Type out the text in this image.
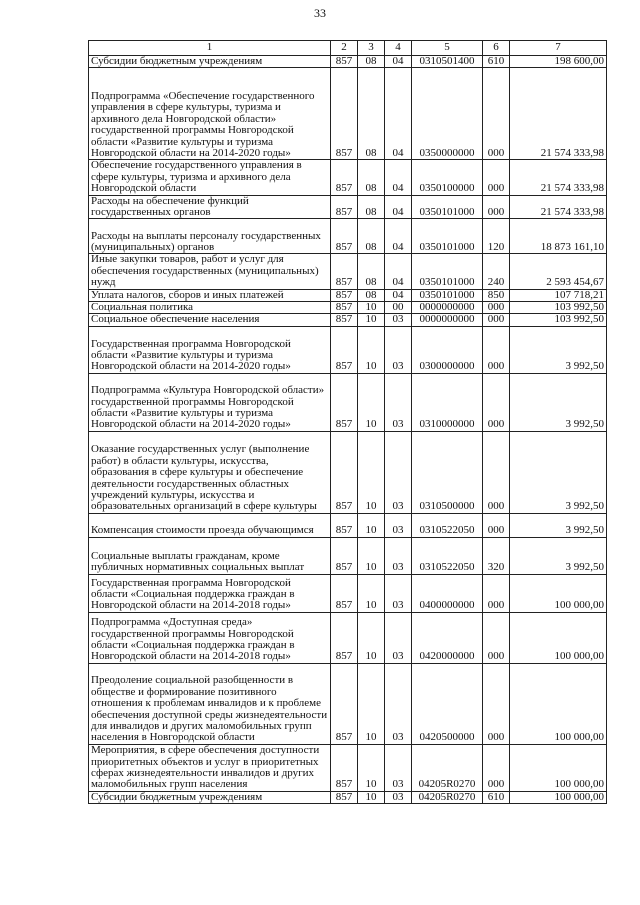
33
1	2	3	4	5	6	7
Субсидии бюджетным учреждениям	857	08	04	0310501400	610	198 600,00
Подпрограмма «Обеспечение государственного управления в сфере культуры, туризма и архивного дела Новгородской области» государственной программы Новгородской области «Развитие культуры и туризма Новгородской области на 2014-2020 годы»	857	08	04	0350000000	000	21 574 333,98
Обеспечение государственного управления в сфере культуры, туризма и архивного дела Новгородской области	857	08	04	0350100000	000	21 574 333,98
Расходы на обеспечение функций государственных органов	857	08	04	0350101000	000	21 574 333,98
Расходы на выплаты персоналу государственных (муниципальных) органов	857	08	04	0350101000	120	18 873 161,10
Иные закупки товаров, работ и услуг для обеспечения государственных (муниципальных) нужд	857	08	04	0350101000	240	2 593 454,67
Уплата налогов, сборов и иных платежей	857	08	04	0350101000	850	107 718,21
Социальная политика	857	10	00	0000000000	000	103 992,50
Социальное обеспечение населения	857	10	03	0000000000	000	103 992,50
Государственная программа Новгородской области «Развитие культуры и туризма Новгородской области на 2014-2020 годы»	857	10	03	0300000000	000	3 992,50
Подпрограмма «Культура Новгородской области» государственной программы Новгородской области «Развитие культуры и туризма Новгородской области на 2014-2020 годы»	857	10	03	0310000000	000	3 992,50
Оказание государственных услуг (выполнение работ) в области культуры, искусства, образования в сфере культуры и обеспечение деятельности государственных областных учреждений культуры, искусства и образовательных организаций в сфере культуры	857	10	03	0310500000	000	3 992,50
Компенсация стоимости проезда обучающимся	857	10	03	0310522050	000	3 992,50
Социальные выплаты гражданам, кроме публичных нормативных социальных выплат	857	10	03	0310522050	320	3 992,50
Государственная программа Новгородской области «Социальная поддержка граждан в Новгородской области на 2014-2018 годы»	857	10	03	0400000000	000	100 000,00
Подпрограмма «Доступная среда» государственной программы Новгородской области «Социальная поддержка граждан в Новгородской области на 2014-2018 годы»	857	10	03	0420000000	000	100 000,00
Преодоление социальной разобщенности в обществе и формирование позитивного отношения к проблемам инвалидов и к проблеме обеспечения доступной среды жизнедеятельности для инвалидов и других маломобильных групп населения в Новгородской области	857	10	03	0420500000	000	100 000,00
Мероприятия, в сфере обеспечения доступности приоритетных объектов и услуг в приоритетных сферах жизнедеятельности инвалидов и других маломобильных групп населения	857	10	03	04205R0270	000	100 000,00
Субсидии бюджетным учреждениям	857	10	03	04205R0270	610	100 000,00
